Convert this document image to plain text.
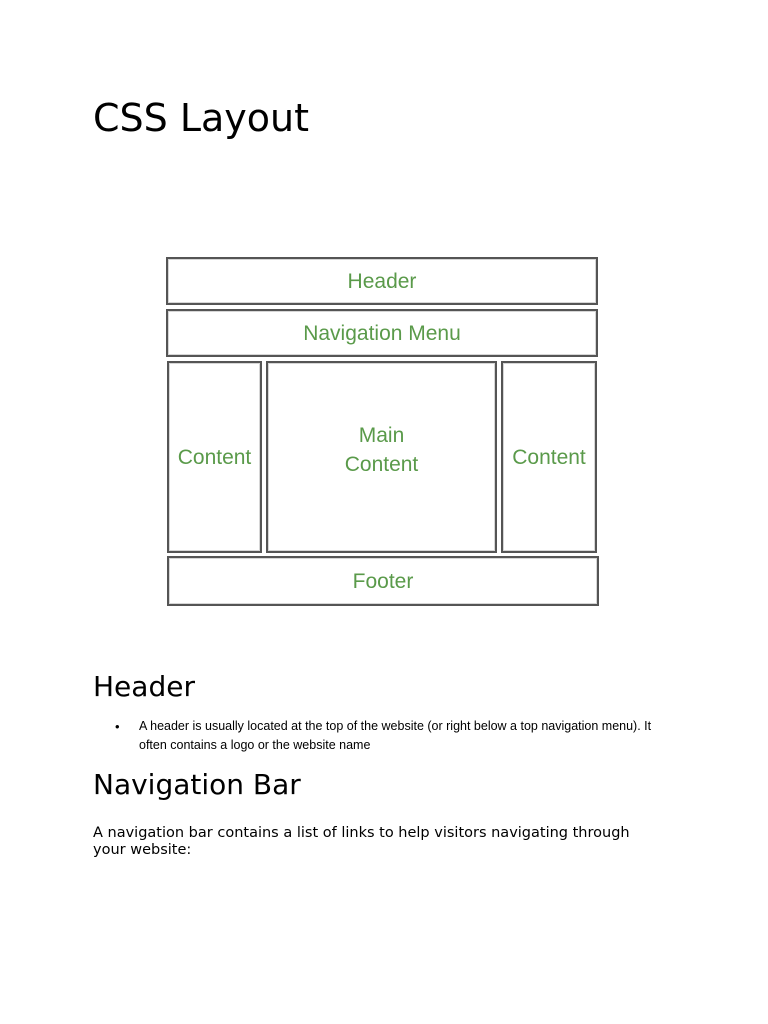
CSS Layout
Header
Navigation Menu
Content
Main
Content	Content
Footer
Header
• A header is usually located at the top of the website (or right below a top navigation menu). It often contains a logo or the website name
Navigation Bar

A navigation bar contains a list of links to help visitors navigating through your website:
